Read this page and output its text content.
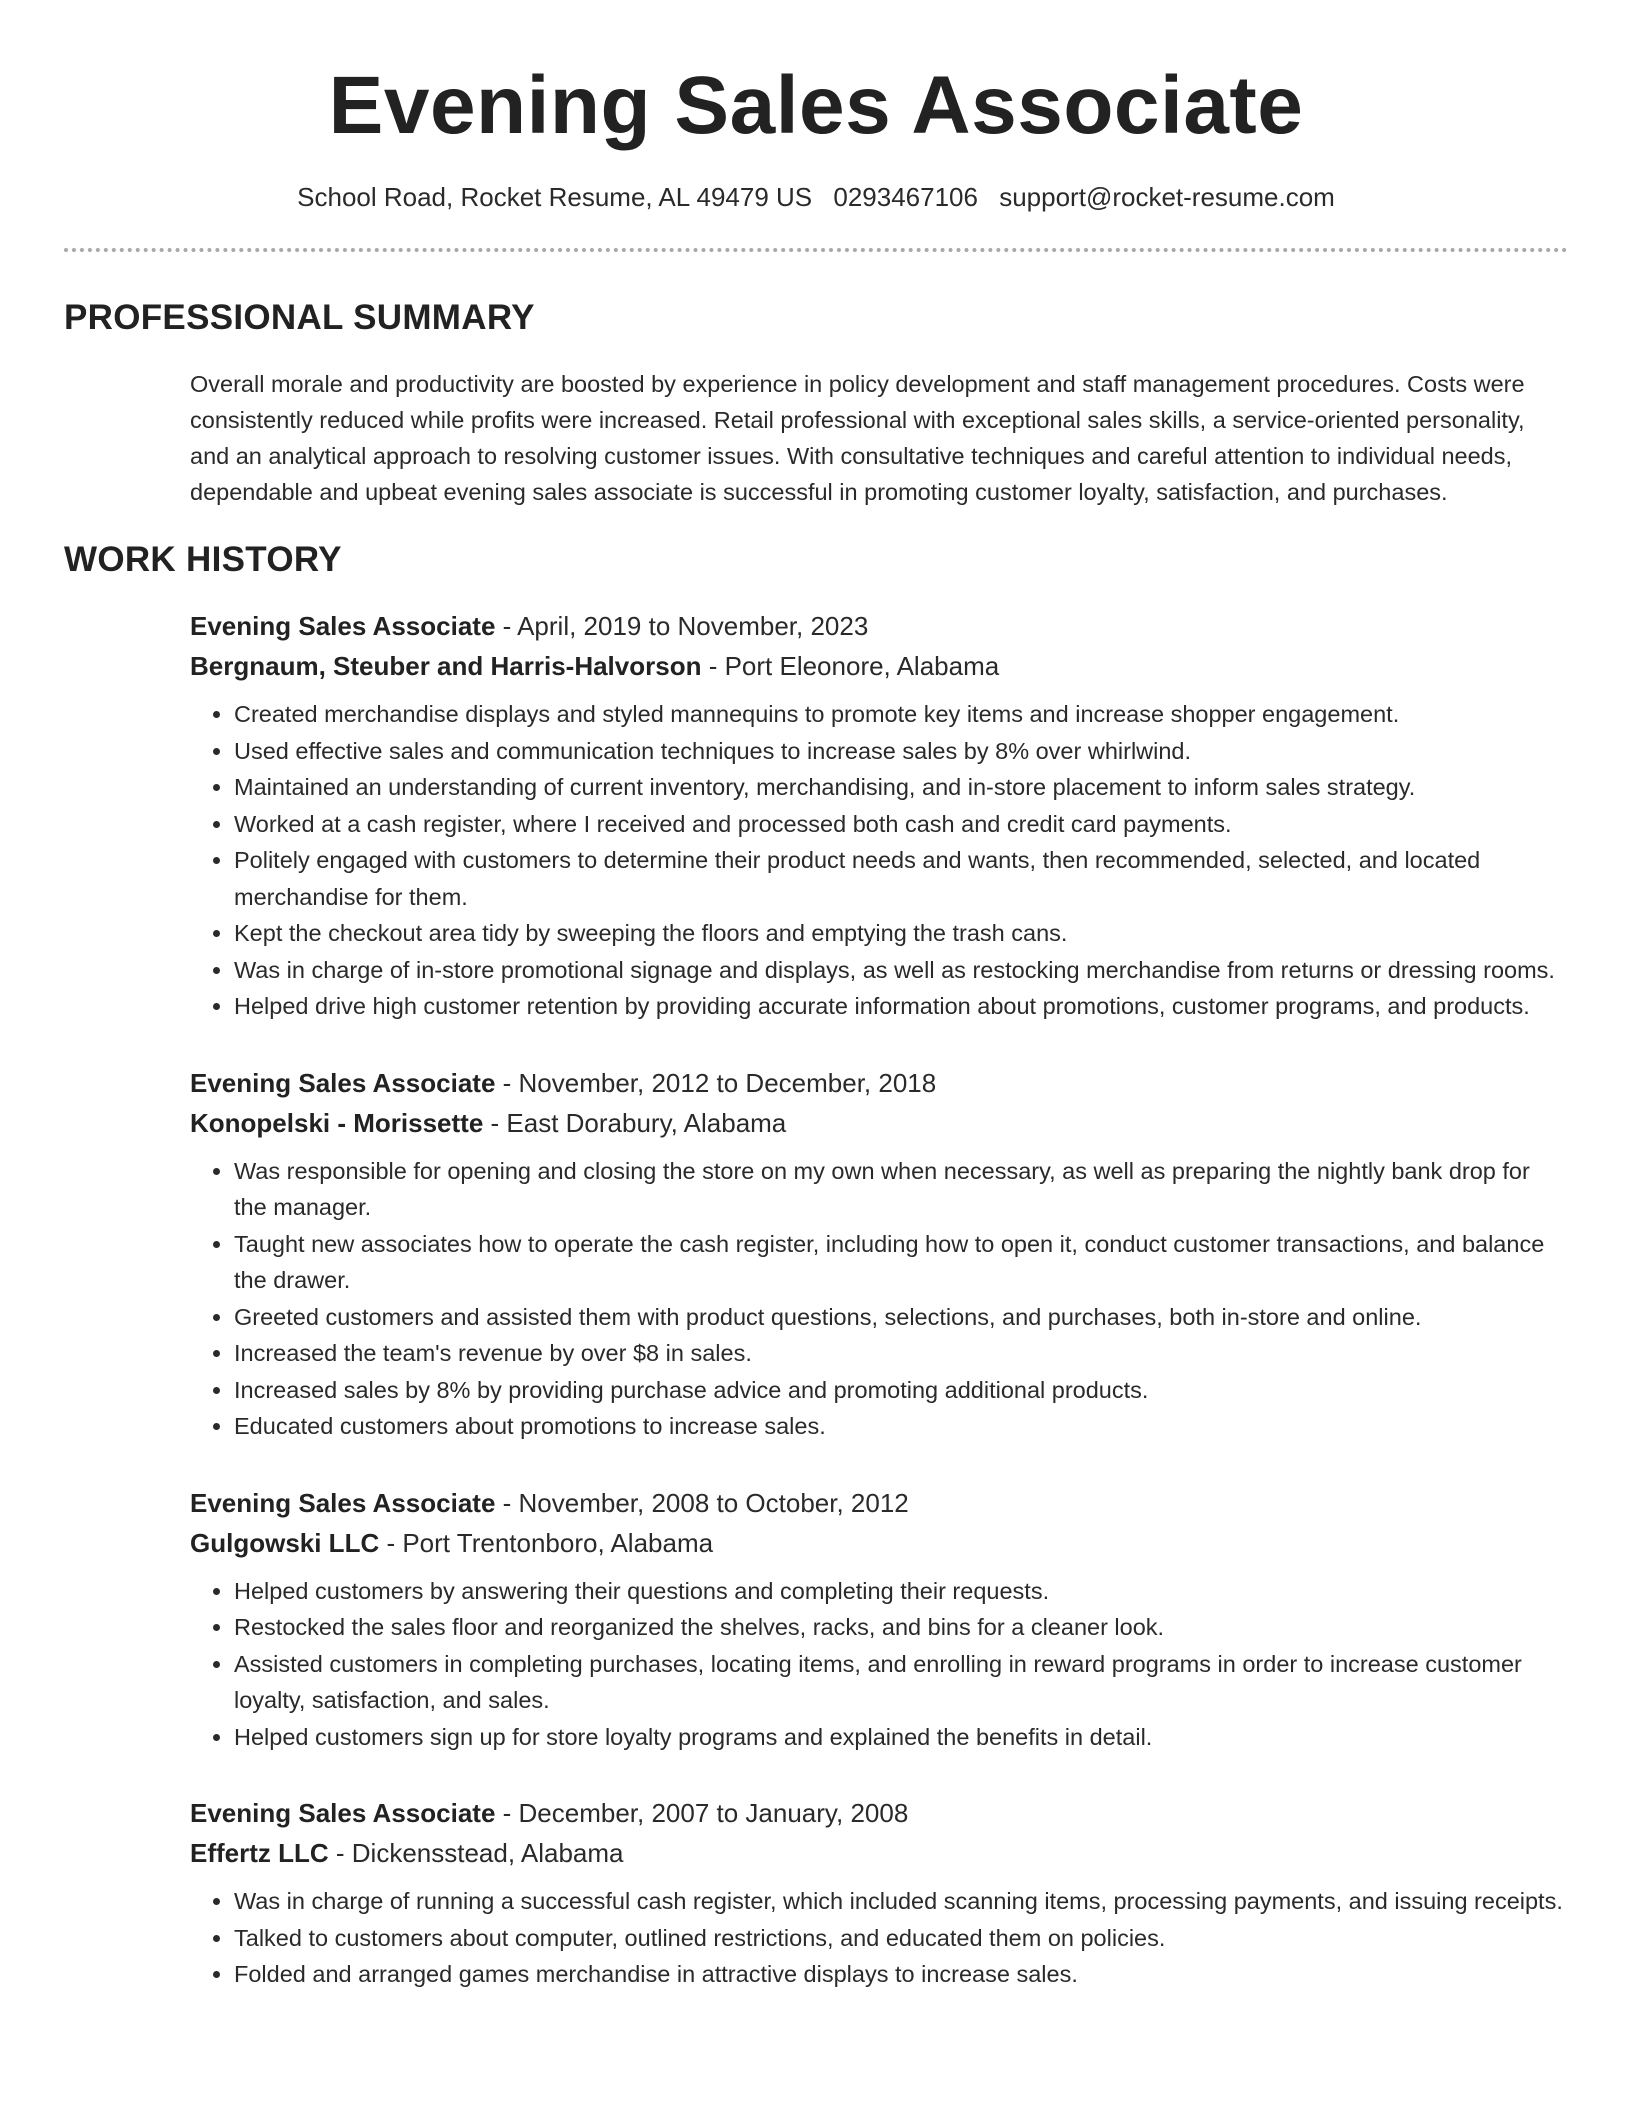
Evening Sales Associate
School Road, Rocket Resume, AL 49479 US 0293467106 support@rocket-resume.com
PROFESSIONAL SUMMARY

Overall morale and productivity are boosted by experience in policy development and staff management procedures. Costs were consistently reduced while profits were increased. Retail professional with exceptional sales skills, a service-oriented personality, and an analytical approach to resolving customer issues. With consultative techniques and careful attention to individual needs, dependable and upbeat evening sales associate is successful in promoting customer loyalty, satisfaction, and purchases.

WORK HISTORY
Evening Sales Associate - April, 2019 to November, 2023
Bergnaum, Steuber and Harris-Halvorson - Port Eleonore, Alabama
• Created merchandise displays and styled mannequins to promote key items and increase shopper engagement.
• Used effective sales and communication techniques to increase sales by 8% over whirlwind.
• Maintained an understanding of current inventory, merchandising, and in-store placement to inform sales strategy.
• Worked at a cash register, where I received and processed both cash and credit card payments.
• Politely engaged with customers to determine their product needs and wants, then recommended, selected, and located merchandise for them.
• Kept the checkout area tidy by sweeping the floors and emptying the trash cans.
• Was in charge of in-store promotional signage and displays, as well as restocking merchandise from returns or dressing rooms.
• Helped drive high customer retention by providing accurate information about promotions, customer programs, and products.
Evening Sales Associate - November, 2012 to December, 2018
Konopelski - Morissette - East Dorabury, Alabama
• Was responsible for opening and closing the store on my own when necessary, as well as preparing the nightly bank drop for the manager.
• Taught new associates how to operate the cash register, including how to open it, conduct customer transactions, and balance the drawer.
• Greeted customers and assisted them with product questions, selections, and purchases, both in-store and online.
• Increased the team's revenue by over $8 in sales.
• Increased sales by 8% by providing purchase advice and promoting additional products.
• Educated customers about promotions to increase sales.
Evening Sales Associate - November, 2008 to October, 2012
Gulgowski LLC - Port Trentonboro, Alabama
• Helped customers by answering their questions and completing their requests.
• Restocked the sales floor and reorganized the shelves, racks, and bins for a cleaner look.
• Assisted customers in completing purchases, locating items, and enrolling in reward programs in order to increase customer loyalty, satisfaction, and sales.
• Helped customers sign up for store loyalty programs and explained the benefits in detail.
Evening Sales Associate - December, 2007 to January, 2008
Effertz LLC - Dickensstead, Alabama
• Was in charge of running a successful cash register, which included scanning items, processing payments, and issuing receipts.
• Talked to customers about computer, outlined restrictions, and educated them on policies.
• Folded and arranged games merchandise in attractive displays to increase sales.
